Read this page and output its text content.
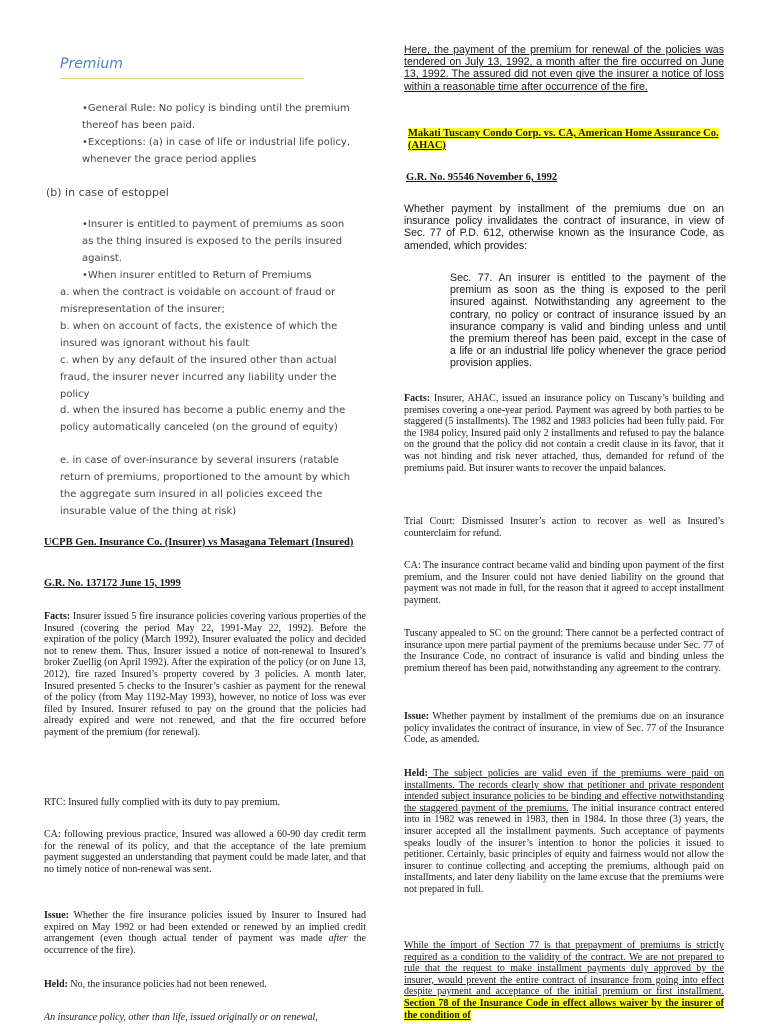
Premium
•General Rule: No policy is binding until the premium thereof has been paid.
•Exceptions: (a) in case of life or industrial life policy, whenever the grace period applies
(b) in case of estoppel
•Insurer is entitled to payment of premiums as soon as the thing insured is exposed to the perils insured against.
•When insurer entitled to Return of Premiums
a. when the contract is voidable on account of fraud or misrepresentation of the insurer;
b. when on account of facts, the existence of which the insured was ignorant without his fault
c. when by any default of the insured other than actual fraud, the insurer never incurred any liability under the policy
d. when the insured has become a public enemy and the policy automatically canceled (on the ground of equity)
e. in case of over-insurance by several insurers (ratable return of premiums, proportioned to the amount by which the aggregate sum insured in all policies exceed the insurable value of the thing at risk)
UCPB Gen. Insurance Co. (Insurer) vs Masagana Telemart (Insured)
G.R. No. 137172 June 15, 1999
Facts: Insurer issued 5 fire insurance policies covering various properties of the Insured (covering the period May 22, 1991-May 22, 1992). Before the expiration of the policy (March 1992), Insurer evaluated the policy and decided not to renew them. Thus, Insurer issued a notice of non-renewal to Insured’s broker Zuellig (on April 1992). After the expiration of the policy (or on June 13, 2012), fire razed Insured’s property covered by 3 policies. A month later, Insured presented 5 checks to the Insurer’s cashier as payment for the renewal of the policy (from May 1192-May 1993), however, no notice of loss was ever filed by Insured. Insurer refused to pay on the ground that the policies had already expired and were not renewed, and that the fire occurred before payment of the premium (for renewal).
RTC: Insured fully complied with its duty to pay premium.
CA: following previous practice, Insured was allowed a 60-90 day credit term for the renewal of its policy, and that the acceptance of the late premium payment suggested an understanding that payment could be made later, and that no timely notice of non-renewal was sent.
Issue: Whether the fire insurance policies issued by Insurer to Insured had expired on May 1992 or had been extended or renewed by an implied credit arrangement (even though actual tender of payment was made after the occurrence of the fire).
Held: No, the insurance policies had not been renewed.
An insurance policy, other than life, issued originally or on renewal,
Here, the payment of the premium for renewal of the policies was tendered on July 13, 1992, a month after the fire occurred on June 13, 1992. The assured did not even give the insurer a notice of loss within a reasonable time after occurrence of the fire.
Makati Tuscany Condo Corp. vs. CA, American Home Assurance Co. (AHAC)
G.R. No. 95546 November 6, 1992
Whether payment by installment of the premiums due on an insurance policy invalidates the contract of insurance, in view of Sec. 77 of P.D. 612, otherwise known as the Insurance Code, as amended, which provides:
Sec. 77. An insurer is entitled to the payment of the premium as soon as the thing is exposed to the peril insured against. Notwithstanding any agreement to the contrary, no policy or contract of insurance issued by an insurance company is valid and binding unless and until the premium thereof has been paid, except in the case of a life or an industrial life policy whenever the grace period provision applies.
Facts: Insurer, AHAC, issued an insurance policy on Tuscany’s building and premises covering a one-year period. Payment was agreed by both parties to be staggered (5 installments). The 1982 and 1983 policies had been fully paid. For the 1984 policy, Insured paid only 2 installments and refused to pay the balance on the ground that the policy did not contain a credit clause in its favor, that it was not binding and risk never attached, thus, demanded for refund of the premiums paid. But insurer wants to recover the unpaid balances.
Trial Court: Dismissed Insurer’s action to recover as well as Insured’s counterclaim for refund.
CA: The insurance contract became valid and binding upon payment of the first premium, and the Insurer could not have denied liability on the ground that payment was not made in full, for the reason that it agreed to accept installment payment.
Tuscany appealed to SC on the ground: There cannot be a perfected contract of insurance upon mere partial payment of the premiums because under Sec. 77 of the Insurance Code, no contract of insurance is valid and binding unless the premium thereof has been paid, notwithstanding any agreement to the contrary.
Issue: Whether payment by installment of the premiums due on an insurance policy invalidates the contract of insurance, in view of Sec. 77 of the Insurance Code, as amended.
Held: The subject policies are valid even if the premiums were paid on installments. The records clearly show that petitioner and private respondent intended subject insurance policies to be binding and effective notwithstanding the staggered payment of the premiums. The initial insurance contract entered into in 1982 was renewed in 1983, then in 1984. In those three (3) years, the insurer accepted all the installment payments. Such acceptance of payments speaks loudly of the insurer’s intention to honor the policies it issued to petitioner. Certainly, basic principles of equity and fairness would not allow the insurer to continue collecting and accepting the premiums, although paid on installments, and later deny liability on the lame excuse that the premiums were not prepared in full.
While the import of Section 77 is that prepayment of premiums is strictly required as a condition to the validity of the contract. We are not prepared to rule that the request to make installment payments duly approved by the insurer, would prevent the entire contract of insurance from going into effect despite payment and acceptance of the initial premium or first installment. Section 78 of the Insurance Code in effect allows waiver by the insurer of the condition of
